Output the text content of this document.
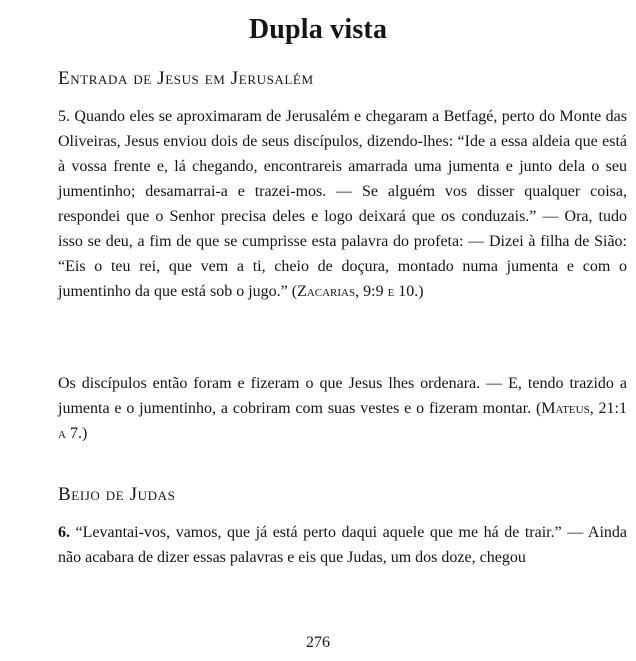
Dupla vista
Entrada de Jesus em Jerusalém

5. Quando eles se aproximaram de Jerusalém e chegaram a Betfagé, perto do Monte das Oliveiras, Jesus enviou dois de seus discípulos, dizendo-lhes: “Ide a essa aldeia que está à vossa frente e, lá chegando, encontrareis amarrada uma jumenta e junto dela o seu jumentinho; desamarrai-a e trazei-mos. — Se alguém vos disser qualquer coisa, respondei que o Senhor precisa deles e logo deixará que os conduzais.” — Ora, tudo isso se deu, a fim de que se cumprisse esta palavra do profeta: — Dizei à filha de Sião: “Eis o teu rei, que vem a ti, cheio de doçura, montado numa jumenta e com o jumentinho da que está sob o jugo.” (Zacarias, 9:9 e 10.)

Os discípulos então foram e fizeram o que Jesus lhes ordenara. — E, tendo trazido a jumenta e o jumentinho, a cobriram com suas vestes e o fizeram montar. (Mateus, 21:1 a 7.)

Beijo de Judas

6. “Levantai-vos, vamos, que já está perto daqui aquele que me há de trair.” — Ainda não acabara de dizer essas palavras e eis que Judas, um dos doze, chegou

276
